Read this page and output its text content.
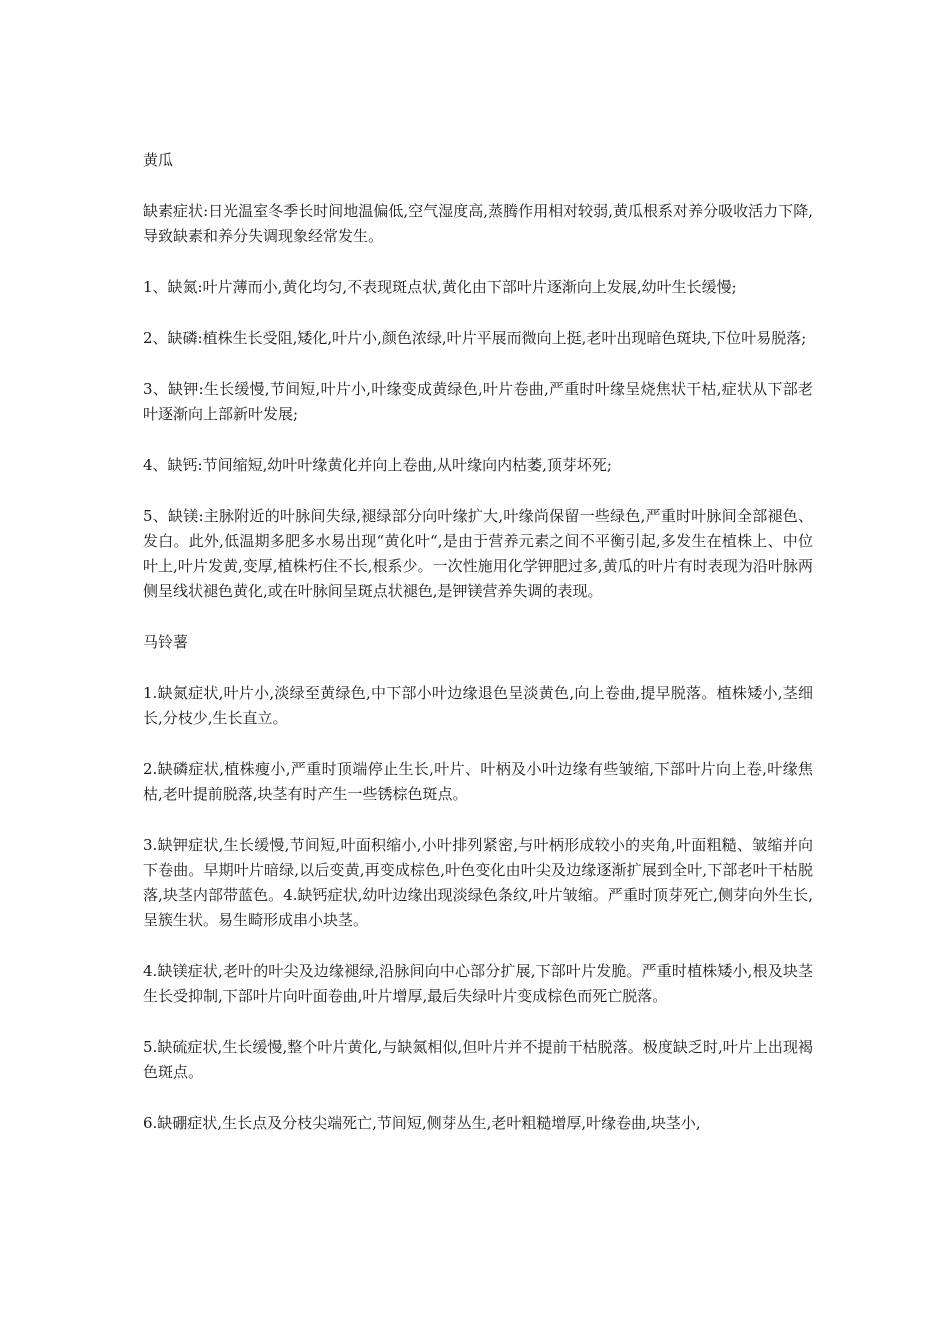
黄瓜

缺素症状:日光温室冬季长时间地温偏低,空气湿度高,蒸腾作用相对较弱,黄瓜根系对养分吸收活力下降,导致缺素和养分失调现象经常发生。

1、缺氮:叶片薄而小,黄化均匀,不表现斑点状,黄化由下部叶片逐渐向上发展,幼叶生长缓慢;

2、缺磷:植株生长受阻,矮化,叶片小,颜色浓绿,叶片平展而微向上挺,老叶出现暗色斑块,下位叶易脱落;

3、缺钾:生长缓慢,节间短,叶片小,叶缘变成黄绿色,叶片卷曲,严重时叶缘呈烧焦状干枯,症状从下部老叶逐渐向上部新叶发展;

4、缺钙:节间缩短,幼叶叶缘黄化并向上卷曲,从叶缘向内枯萎,顶芽坏死;

5、缺镁:主脉附近的叶脉间失绿,褪绿部分向叶缘扩大,叶缘尚保留一些绿色,严重时叶脉间全部褪色、发白。此外,低温期多肥多水易出现“黄化叶“,是由于营养元素之间不平衡引起,多发生在植株上、中位叶上,叶片发黄,变厚,植株朽住不长,根系少。一次性施用化学钾肥过多,黄瓜的叶片有时表现为沿叶脉两侧呈线状褪色黄化,或在叶脉间呈斑点状褪色,是钾镁营养失调的表现。

马铃薯

1.缺氮症状,叶片小,淡绿至黄绿色,中下部小叶边缘退色呈淡黄色,向上卷曲,提早脱落。植株矮小,茎细长,分枝少,生长直立。

2.缺磷症状,植株瘦小,严重时顶端停止生长,叶片、叶柄及小叶边缘有些皱缩,下部叶片向上卷,叶缘焦枯,老叶提前脱落,块茎有时产生一些锈棕色斑点。

3.缺钾症状,生长缓慢,节间短,叶面积缩小,小叶排列紧密,与叶柄形成较小的夹角,叶面粗糙、皱缩并向下卷曲。早期叶片暗绿,以后变黄,再变成棕色,叶色变化由叶尖及边缘逐渐扩展到全叶,下部老叶干枯脱落,块茎内部带蓝色。4.缺钙症状,幼叶边缘出现淡绿色条纹,叶片皱缩。严重时顶芽死亡,侧芽向外生长,呈簇生状。易生畸形成串小块茎。

4.缺镁症状,老叶的叶尖及边缘褪绿,沿脉间向中心部分扩展,下部叶片发脆。严重时植株矮小,根及块茎生长受抑制,下部叶片向叶面卷曲,叶片增厚,最后失绿叶片变成棕色而死亡脱落。

5.缺硫症状,生长缓慢,整个叶片黄化,与缺氮相似,但叶片并不提前干枯脱落。极度缺乏时,叶片上出现褐色斑点。

6.缺硼症状,生长点及分枝尖端死亡,节间短,侧芽丛生,老叶粗糙增厚,叶缘卷曲,块茎小,
